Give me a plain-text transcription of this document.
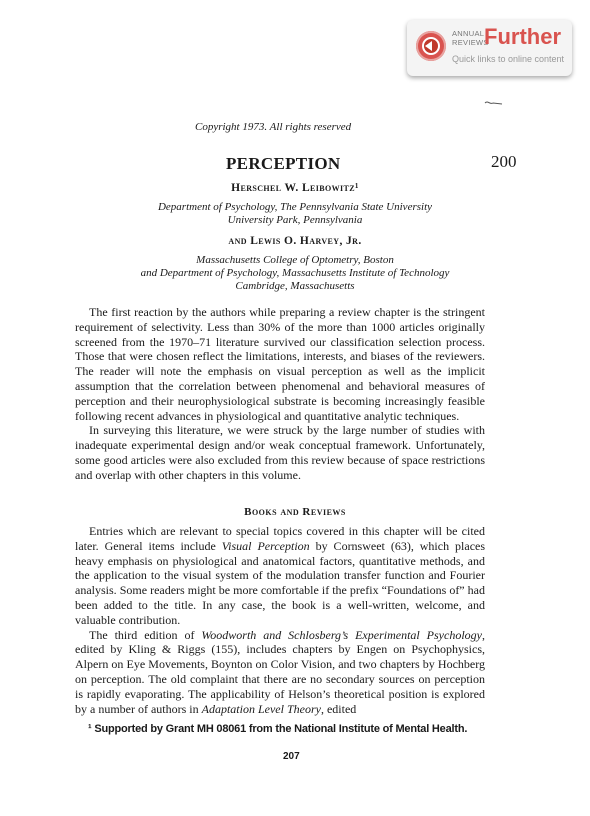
ANNUAL
REVIEWS
Further
Quick links to online content
Copyright 1973. All rights reserved
PERCEPTION	200
Herschel W. Leibowitz¹
Department of Psychology, The Pennsylvania State University
University Park, Pennsylvania
and Lewis O. Harvey, Jr.
Massachusetts College of Optometry, Boston
and Department of Psychology, Massachusetts Institute of Technology
Cambridge, Massachusetts

The first reaction by the authors while preparing a review chapter is the stringent requirement of selectivity. Less than 30% of the more than 1000 articles originally screened from the 1970–71 literature survived our classification selection process. Those that were chosen reflect the limitations, interests, and biases of the reviewers. The reader will note the emphasis on visual perception as well as the implicit assumption that the correlation between phenomenal and behavioral measures of perception and their neurophysiological substrate is becoming increasingly feasible following recent advances in physiological and quantitative analytic techniques.

In surveying this literature, we were struck by the large number of studies with inadequate experimental design and/or weak conceptual framework. Unfortunately, some good articles were also excluded from this review because of space restrictions and overlap with other chapters in this volume.

Books and Reviews

Entries which are relevant to special topics covered in this chapter will be cited later. General items include Visual Perception by Cornsweet (63), which places heavy emphasis on physiological and anatomical factors, quantitative methods, and the application to the visual system of the modulation transfer function and Fourier analysis. Some readers might be more comfortable if the prefix “Foundations of” had been added to the title. In any case, the book is a well-written, welcome, and valuable contribution.

The third edition of Woodworth and Schlosberg’s Experimental Psychology, edited by Kling & Riggs (155), includes chapters by Engen on Psychophysics, Alpern on Eye Movements, Boynton on Color Vision, and two chapters by Hochberg on perception. The old complaint that there are no secondary sources on perception is rapidly evaporating. The applicability of Helson’s theoretical position is explored by a number of authors in Adaptation Level Theory, edited

¹ Supported by Grant MH 08061 from the National Institute of Mental Health.
207
